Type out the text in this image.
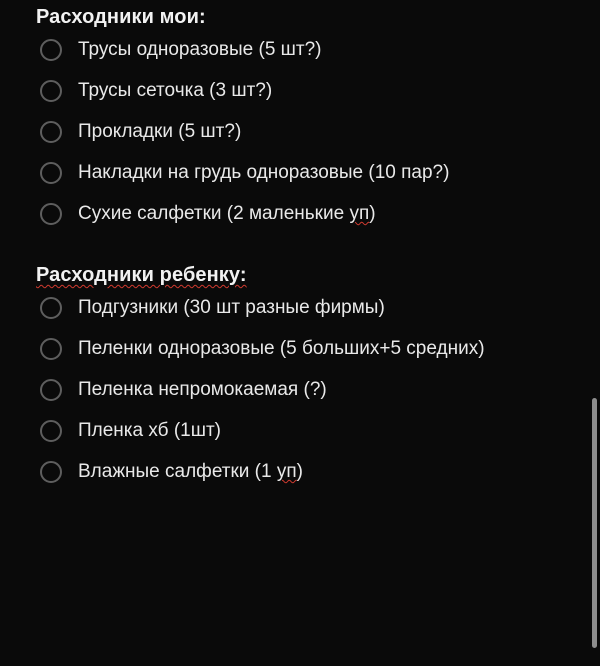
Расходники мои:
Трусы одноразовые (5 шт?)
Трусы сеточка (3 шт?)
Прокладки (5 шт?)
Накладки на грудь одноразовые (10 пар?)
Сухие салфетки (2 маленькие уп)
Расходники ребенку:
Подгузники (30 шт разные фирмы)
Пеленки одноразовые (5 больших+5 средних)
Пеленка непромокаемая (?)
Пленка хб (1шт)
Влажные салфетки (1 уп)
